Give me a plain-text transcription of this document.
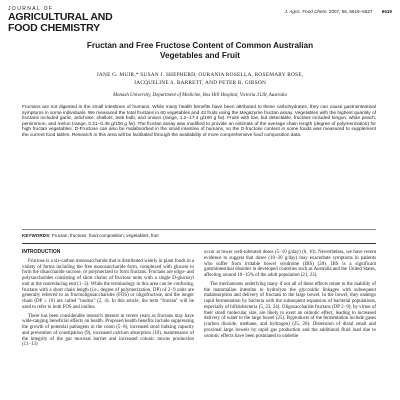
JOURNAL OF
AGRICULTURAL AND
FOOD CHEMISTRY
J. Agric. Food Chem. 2007, 55, 6619−6627 6619
Fructan and Free Fructose Content of Common Australian
Vegetables and Fruit
JANE G. MUIR,* SUSAN J. SHEPHERD, OURANIA ROSELLA, ROSEMARY ROSE,
JACQUELINE S. BARRETT, AND PETER R. GIBSON
Monash University, Department of Medicine, Box Hill Hospital, Victoria 3128, Australia
Fructans are not digested in the small intestines of humans. While many health benefits have been attributed to these carbohydrates, they can cause gastrointestinal symptoms in some individuals. We measured the total fructans in 60 vegetables and 43 fruits using the Megazyme fructan assay. Vegetables with the highest quantity of fructans included garlic, artichoke, shallots, leek bulb, and onions (range, 1.2−17.4 g/100 g fw). Fruits with low, but detectable, fructans included longon, white peach, persimmon, and melon (range, 0.21−0.46 g/100 g fw). The fructan assay was modified to provide an estimate of the average chain length (degree of polymerization) for high fructan vegetables. D-Fructose can also be malabsorbed in the small intestine of humans, so the D-fructose content in some foods was measured to supplement the current food tables. Research in this area will be facilitated through the availability of more comprehensive food composition data.
KEYWORDS: Fructan; fructose; food composition; vegetables; fruit
INTRODUCTION

Fructose is a six-carbon monosaccharide that is distributed widely in plant foods in a variety of forms including the free monosaccharide form, complexed with glucose to form the disaccharide sucrose, or polymerized to form fructans. Fructans are oligo- and polysaccharides consisting of short chains of fructose units with a single D-glucosyl unit at the nonreducing end (1−3). While the terminology in this area can be confusing, fructans with a short chain length (i.e., degree of polymerization, DP) of 2−9 units are generally referred to as fructooligosaccharides (FOS) or oligofructose, and the longer chain (DP ≥ 10) are called "inulins" (2, 4). In this article, the term "fructan" will be used to refer to both FOS and inulins.

There has been considerable research interest in recent years as fructans may have wide-ranging beneficial effects on health. Proposed health benefits include suppressing the growth of potential pathogens in the colon (5−8), increased stool bulking capacity and prevention of constipation (9), increased calcium absorption (10), maintenance of the integrity of the gut mucosal barrier and increased colonic mucus production (11−13)

occur at lower well-tolerated doses (5−10 g/day) (6, 10). Nevertheless, we have recent evidence to suggest that doses (10−20 g/day) may exacerbate symptoms in patients who suffer from irritable bowel syndrome (IBS) (20). IBS is a significant gastrointestinal disorder in developed countries such as Australia and the United States, affecting around 10−15% of the adult population (21, 22).

The mechanisms underlying many if not all of these effects relate to the inability of the mammalian intestine to hydrolyze the glycosidic linkages with subsequent malabsorption and delivery of fructans to the large bowel. In the bowel, they undergo rapid fermentation by bacteria with the subsequent expansion of bacterial populations, especially of bifidobacteria (5, 23, 24). Oligosaccharide fructans (DP 2−9), by virtue of their small molecular size, are likely to exert an osmotic effect, leading to increased delivery of water to the large bowel (25). Byproducts of the fermentation include gases (carbon dioxide, methane, and hydrogen) (25, 26). Distension of distal small and proximal large bowels by rapid gas production and the additional fluid load due to osmotic effects have been postulated to underlie
